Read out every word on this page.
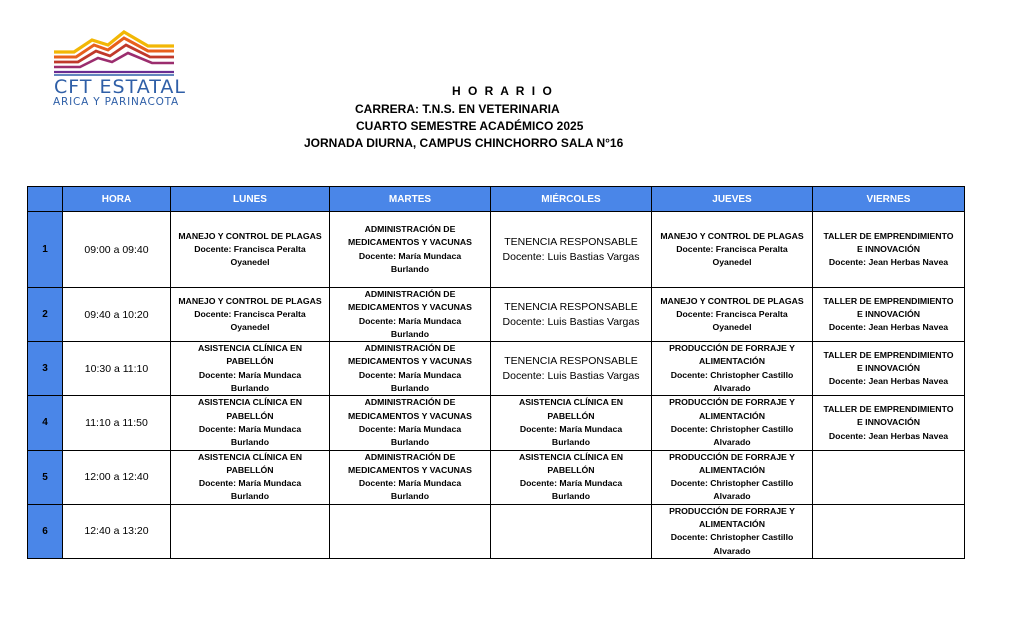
CFT ESTATAL
ARICA Y PARINACOTA
H O R A R I O
CARRERA: T.N.S. EN VETERINARIA
CUARTO SEMESTRE ACADÉMICO 2025
JORNADA DIURNA, CAMPUS CHINCHORRO SALA N°16
	HORA	LUNES	MARTES	MIÉRCOLES	JUEVES	VIERNES
1	09:00 a 09:40	MANEJO Y CONTROL DE PLAGAS
Docente: Francisca Peralta
Oyanedel	ADMINISTRACIÓN DE
MEDICAMENTOS Y VACUNAS
Docente: María Mundaca
Burlando	TENENCIA RESPONSABLE
Docente: Luis Bastias Vargas	MANEJO Y CONTROL DE PLAGAS
Docente: Francisca Peralta
Oyanedel	TALLER DE EMPRENDIMIENTO
E INNOVACIÓN
Docente: Jean Herbas Navea

2	09:40 a 10:20	MANEJO Y CONTROL DE PLAGAS
Docente: Francisca Peralta
Oyanedel	ADMINISTRACIÓN DE
MEDICAMENTOS Y VACUNAS
Docente: María Mundaca
Burlando	TENENCIA RESPONSABLE
Docente: Luis Bastias Vargas	MANEJO Y CONTROL DE PLAGAS
Docente: Francisca Peralta
Oyanedel	TALLER DE EMPRENDIMIENTO
E INNOVACIÓN
Docente: Jean Herbas Navea

3	10:30 a 11:10	ASISTENCIA CLÍNICA EN
PABELLÓN
Docente: María Mundaca
Burlando	ADMINISTRACIÓN DE
MEDICAMENTOS Y VACUNAS
Docente: María Mundaca
Burlando	TENENCIA RESPONSABLE
Docente: Luis Bastias Vargas	PRODUCCIÓN DE FORRAJE Y
ALIMENTACIÓN
Docente: Christopher Castillo
Alvarado	TALLER DE EMPRENDIMIENTO
E INNOVACIÓN
Docente: Jean Herbas Navea

4	11:10 a 11:50	ASISTENCIA CLÍNICA EN
PABELLÓN
Docente: María Mundaca
Burlando	ADMINISTRACIÓN DE
MEDICAMENTOS Y VACUNAS
Docente: María Mundaca
Burlando	ASISTENCIA CLÍNICA EN
PABELLÓN
Docente: María Mundaca
Burlando	PRODUCCIÓN DE FORRAJE Y
ALIMENTACIÓN
Docente: Christopher Castillo
Alvarado	TALLER DE EMPRENDIMIENTO
E INNOVACIÓN
Docente: Jean Herbas Navea

5	12:00 a 12:40	ASISTENCIA CLÍNICA EN
PABELLÓN
Docente: María Mundaca
Burlando	ADMINISTRACIÓN DE
MEDICAMENTOS Y VACUNAS
Docente: María Mundaca
Burlando	ASISTENCIA CLÍNICA EN
PABELLÓN
Docente: María Mundaca
Burlando	PRODUCCIÓN DE FORRAJE Y
ALIMENTACIÓN
Docente: Christopher Castillo
Alvarado	

6	12:40 a 13:20				PRODUCCIÓN DE FORRAJE Y
ALIMENTACIÓN
Docente: Christopher Castillo
Alvarado	
